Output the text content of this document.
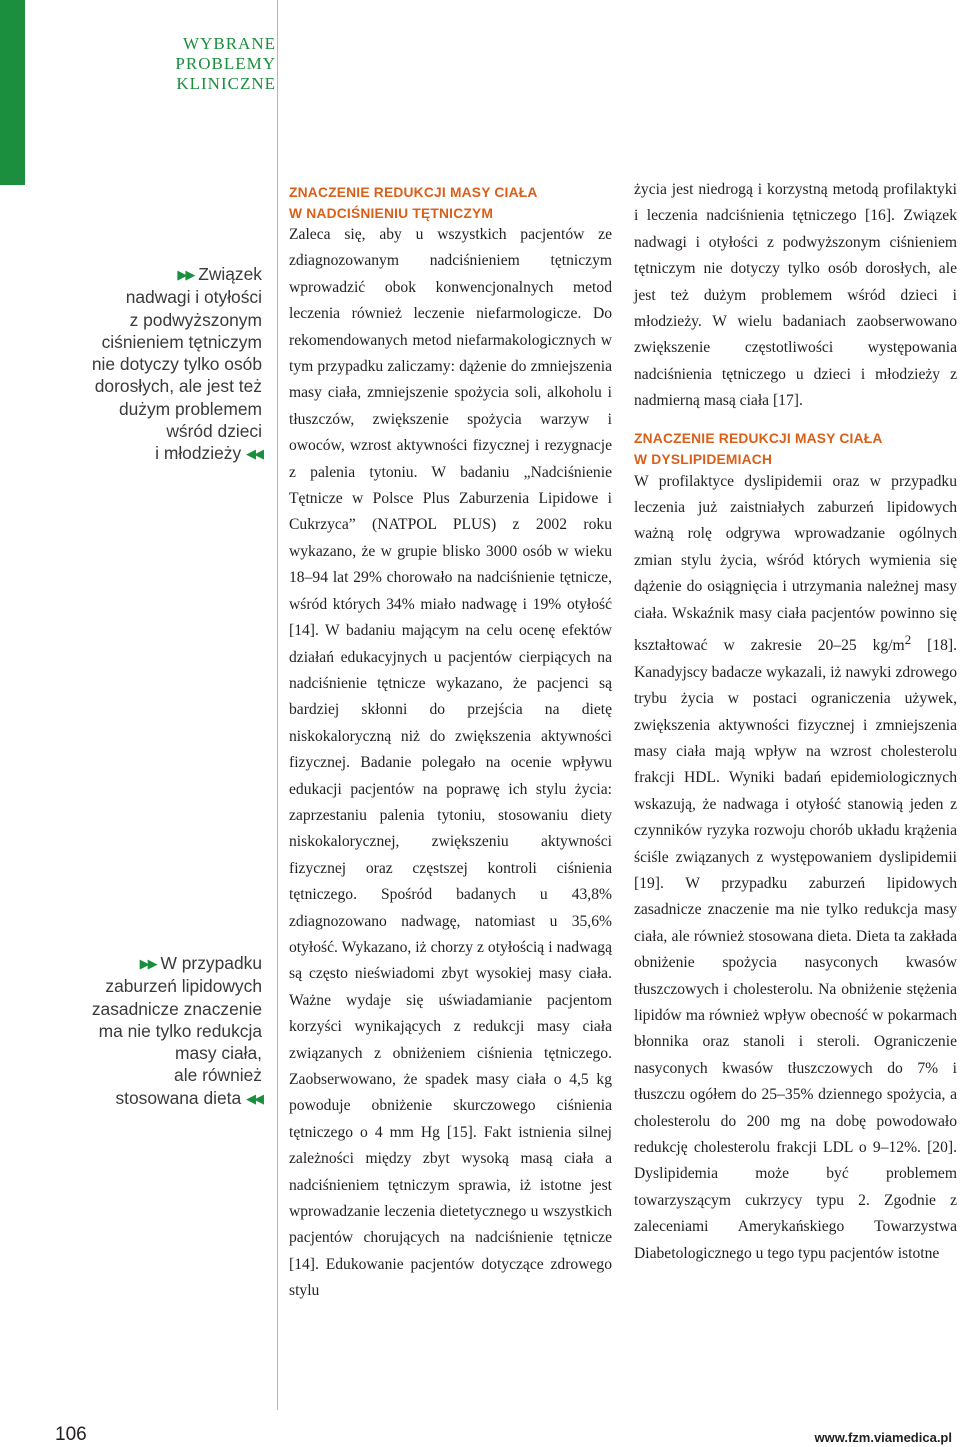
WYBRANE
PROBLEMY
KLINICZNE
▶▶ Związek
nadwagi i otyłości
z podwyższonym
ciśnieniem tętniczym
nie dotyczy tylko osób
dorosłych, ale jest też
dużym problemem
wśród dzieci
i młodzieży ◀◀
▶▶ W przypadku
zaburzeń lipidowych
zasadnicze znaczenie
ma nie tylko redukcja
masy ciała,
ale również
stosowana dieta ◀◀
ZNACZENIE REDUKCJI MASY CIAŁA
W NADCIŚNIENIU TĘTNICZYM

Zaleca się, aby u wszystkich pacjentów ze zdiagnozowanym nadciśnieniem tętniczym wprowadzić obok konwencjonalnych metod leczenia również leczenie niefarmologicze. Do rekomendowanych metod niefarmakologicznych w tym przypadku zaliczamy: dążenie do zmniejszenia masy ciała, zmniejszenie spożycia soli, alkoholu i tłuszczów, zwiększenie spożycia warzyw i owoców, wzrost aktywności fizycznej i rezygnacje z palenia tytoniu. W badaniu „Nadciśnienie Tętnicze w Polsce Plus Zaburzenia Lipidowe i Cukrzyca” (NATPOL PLUS) z 2002 roku wykazano, że w grupie blisko 3000 osób w wieku 18–94 lat 29% chorowało na nadciśnienie tętnicze, wśród których 34% miało nadwagę i 19% otyłość [14]. W badaniu mającym na celu ocenę efektów działań edukacyjnych u pacjentów cierpiących na nadciśnienie tętnicze wykazano, że pacjenci są bardziej skłonni do przejścia na dietę niskokaloryczną niż do zwiększenia aktywności fizycznej. Badanie polegało na ocenie wpływu edukacji pacjentów na poprawę ich stylu życia: zaprzestaniu palenia tytoniu, stosowaniu diety niskokalorycznej, zwiększeniu aktywności fizycznej oraz częstszej kontroli ciśnienia tętniczego. Spośród badanych u 43,8% zdiagnozowano nadwagę, natomiast u 35,6% otyłość. Wykazano, iż chorzy z otyłością i nadwagą są często nieświadomi zbyt wysokiej masy ciała. Ważne wydaje się uświadamianie pacjentom korzyści wynikających z redukcji masy ciała związanych z obniżeniem ciśnienia tętniczego. Zaobserwowano, że spadek masy ciała o 4,5 kg powoduje obniżenie skurczowego ciśnienia tętniczego o 4 mm Hg [15]. Fakt istnienia silnej zależności między zbyt wysoką masą ciała a nadciśnieniem tętniczym sprawia, iż istotne jest wprowadzanie leczenia dietetycznego u wszystkich pacjentów chorujących na nadciśnienie tętnicze [14]. Edukowanie pacjentów dotyczące zdrowego stylu

życia jest niedrogą i korzystną metodą profilaktyki i leczenia nadciśnienia tętniczego [16]. Związek nadwagi i otyłości z podwyższonym ciśnieniem tętniczym nie dotyczy tylko osób dorosłych, ale jest też dużym problemem wśród dzieci i młodzieży. W wielu badaniach zaobserwowano zwiększenie częstotliwości występowania nadciśnienia tętniczego u dzieci i młodzieży z nadmierną masą ciała [17].

ZNACZENIE REDUKCJI MASY CIAŁA
W DYSLIPIDEMIACH

W profilaktyce dyslipidemii oraz w przypadku leczenia już zaistniałych zaburzeń lipidowych ważną rolę odgrywa wprowadzanie ogólnych zmian stylu życia, wśród których wymienia się dążenie do osiągnięcia i utrzymania należnej masy ciała. Wskaźnik masy ciała pacjentów powinno się kształtować w zakresie 20–25 $kg/m^2$ [18]. Kanadyjscy badacze wykazali, iż nawyki zdrowego trybu życia w postaci ograniczenia używek, zwiększenia aktywności fizycznej i zmniejszenia masy ciała mają wpływ na wzrost cholesterolu frakcji HDL. Wyniki badań epidemiologicznych wskazują, że nadwaga i otyłość stanowią jeden z czynników ryzyka rozwoju chorób układu krążenia ściśle związanych z występowaniem dyslipidemii [19]. W przypadku zaburzeń lipidowych zasadnicze znaczenie ma nie tylko redukcja masy ciała, ale również stosowana dieta. Dieta ta zakłada obniżenie spożycia nasyconych kwasów tłuszczowych i cholesterolu. Na obniżenie stężenia lipidów ma również wpływ obecność w pokarmach błonnika oraz stanoli i steroli. Ograniczenie nasyconych kwasów tłuszczowych do 7% i tłuszczu ogółem do 25–35% dziennego spożycia, a cholesterolu do 200 mg na dobę powodowało redukcję cholesterolu frakcji LDL o 9–12%. [20]. Dyslipidemia może być problemem towarzyszącym cukrzycy typu 2. Zgodnie z zaleceniami Amerykańskiego Towarzystwa Diabetologicznego u tego typu pacjentów istotne

106	www.fzm.viamedica.pl
